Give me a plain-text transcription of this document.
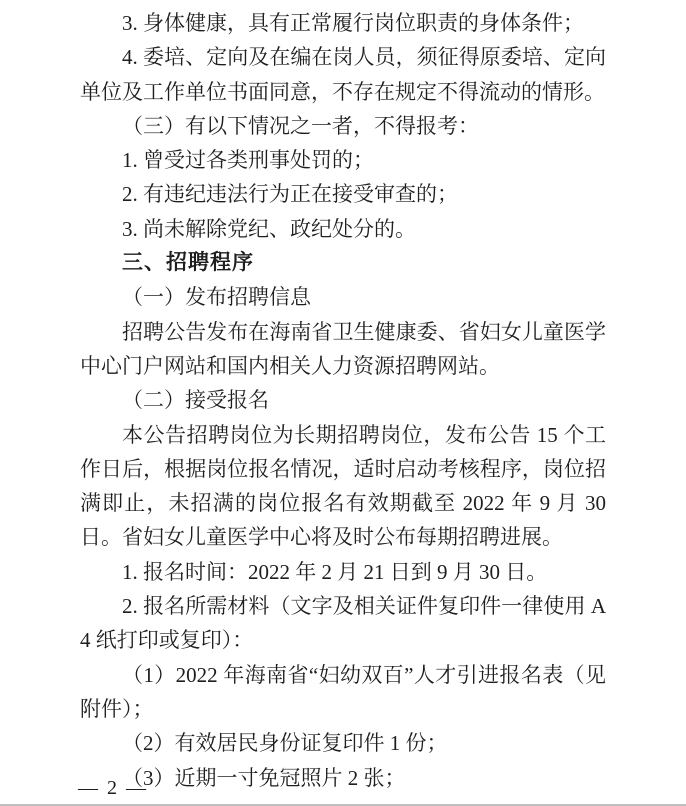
3. 身体健康，具有正常履行岗位职责的身体条件；

4. 委培、定向及在编在岗人员，须征得原委培、定向单位及工作单位书面同意，不存在规定不得流动的情形。

（三）有以下情况之一者，不得报考：

1. 曾受过各类刑事处罚的；

2. 有违纪违法行为正在接受审查的；

3. 尚未解除党纪、政纪处分的。

三、招聘程序

（一）发布招聘信息

招聘公告发布在海南省卫生健康委、省妇女儿童医学中心门户网站和国内相关人力资源招聘网站。

（二）接受报名

本公告招聘岗位为长期招聘岗位，发布公告 15 个工作日后，根据岗位报名情况，适时启动考核程序，岗位招满即止，未招满的岗位报名有效期截至 2022 年 9 月 30 日。省妇女儿童医学中心将及时公布每期招聘进展。

1. 报名时间：2022 年 2 月 21 日到 9 月 30 日。

2. 报名所需材料（文字及相关证件复印件一律使用 A4 纸打印或复印）：

（1）2022 年海南省“妇幼双百”人才引进报名表（见附件）；

（2）有效居民身份证复印件 1 份；

（3）近期一寸免冠照片 2 张；

— 2 —
